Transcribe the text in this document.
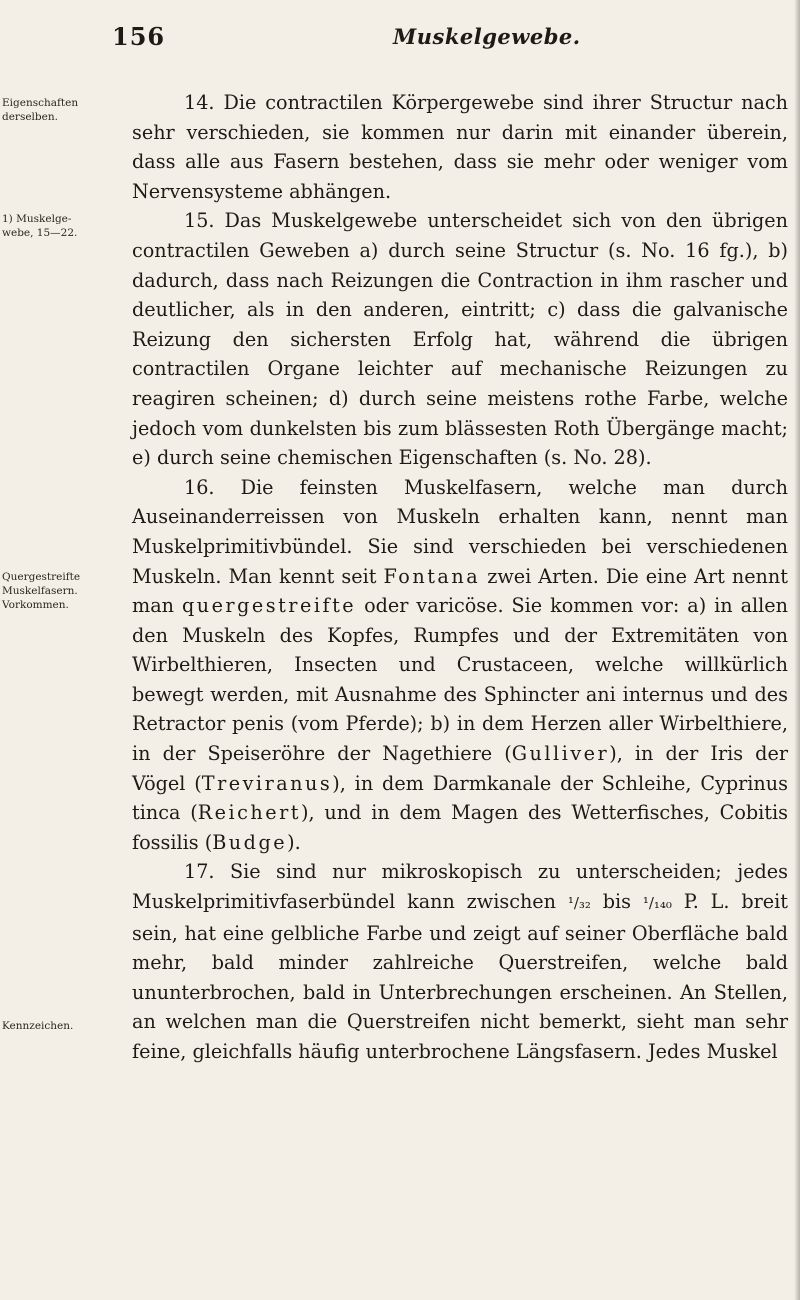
156	Muskelgewebe.
Eigenschaften
derselben.
1) Muskelge-
webe, 15—22.
Quergestreifte
Muskelfasern.
Vorkommen.
Kennzeichen.

14. Die contractilen Körpergewebe sind ihrer Structur nach sehr verschieden, sie kommen nur darin mit einander überein, dass alle aus Fasern bestehen, dass sie mehr oder weniger vom Nervensysteme abhängen.

15. Das Muskelgewebe unterscheidet sich von den übrigen contractilen Geweben a) durch seine Structur (s. No. 16 fg.), b) dadurch, dass nach Reizungen die Contraction in ihm rascher und deutlicher, als in den anderen, eintritt; c) dass die galvanische Reizung den sichersten Erfolg hat, während die übrigen contractilen Organe leichter auf mechanische Reizungen zu reagiren scheinen; d) durch seine meistens rothe Farbe, welche jedoch vom dunkelsten bis zum blässesten Roth Übergänge macht; e) durch seine chemischen Eigenschaften (s. No. 28).

16. Die feinsten Muskelfasern, welche man durch Auseinanderreissen von Muskeln erhalten kann, nennt man Muskelprimitivbündel. Sie sind verschieden bei verschiedenen Muskeln. Man kennt seit Fontana zwei Arten. Die eine Art nennt man quergestreifte oder varicöse. Sie kommen vor: a) in allen den Muskeln des Kopfes, Rumpfes und der Extremitäten von Wirbelthieren, Insecten und Crustaceen, welche willkürlich bewegt werden, mit Ausnahme des Sphincter ani internus und des Retractor penis (vom Pferde); b) in dem Herzen aller Wirbelthiere, in der Speiseröhre der Nagethiere (Gulliver), in der Iris der Vögel (Treviranus), in dem Darmkanale der Schleihe, Cyprinus tinca (Reichert), und in dem Magen des Wetterfisches, Cobitis fossilis (Budge).

17. Sie sind nur mikroskopisch zu unterscheiden; jedes Muskelprimitivfaserbündel kann zwischen ¹/₃₂ bis ¹/₁₄₀ P. L. breit sein, hat eine gelbliche Farbe und zeigt auf seiner Oberfläche bald mehr, bald minder zahlreiche Querstreifen, welche bald ununterbrochen, bald in Unterbrechungen erscheinen. An Stellen, an welchen man die Querstreifen nicht bemerkt, sieht man sehr feine, gleichfalls häufig unterbrochene Längsfasern. Jedes Muskel
